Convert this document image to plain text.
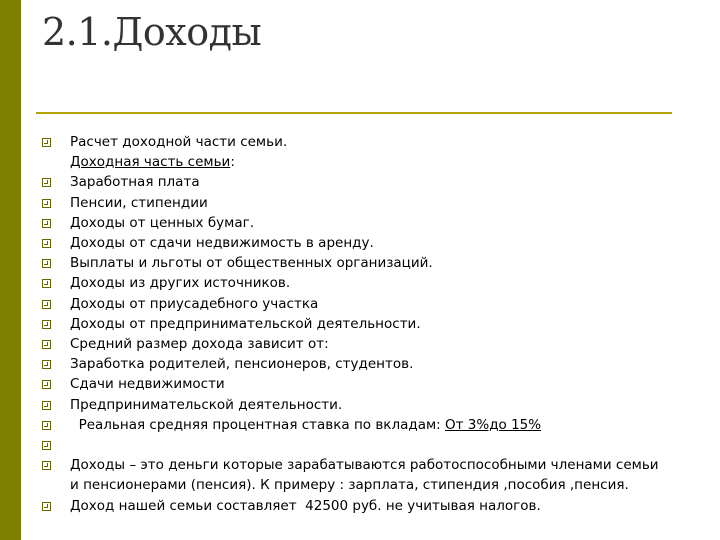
2.1.Доходы
Расчет доходной части семьи.
Доходная часть семьи:
Заработная плата
Пенсии, стипендии
Доходы от ценных бумаг.
Доходы от сдачи недвижимость в аренду.
Выплаты и льготы от общественных организаций.
Доходы из других источников.
Доходы от приусадебного участка
Доходы от предпринимательской деятельности.
Средний размер дохода зависит от:
Заработка родителей, пенсионеров, студентов.
Сдачи недвижимости
Предпринимательской деятельности.
Реальная средняя процентная ставка по вкладам: От 3%до 15%
Доходы – это деньги которые зарабатываются работоспособными членами семьи
и пенсионерами (пенсия). К примеру : зарплата, стипендия ,пособия ,пенсия.
Доход нашей семьи составляет  42500 руб. не учитывая налогов.
